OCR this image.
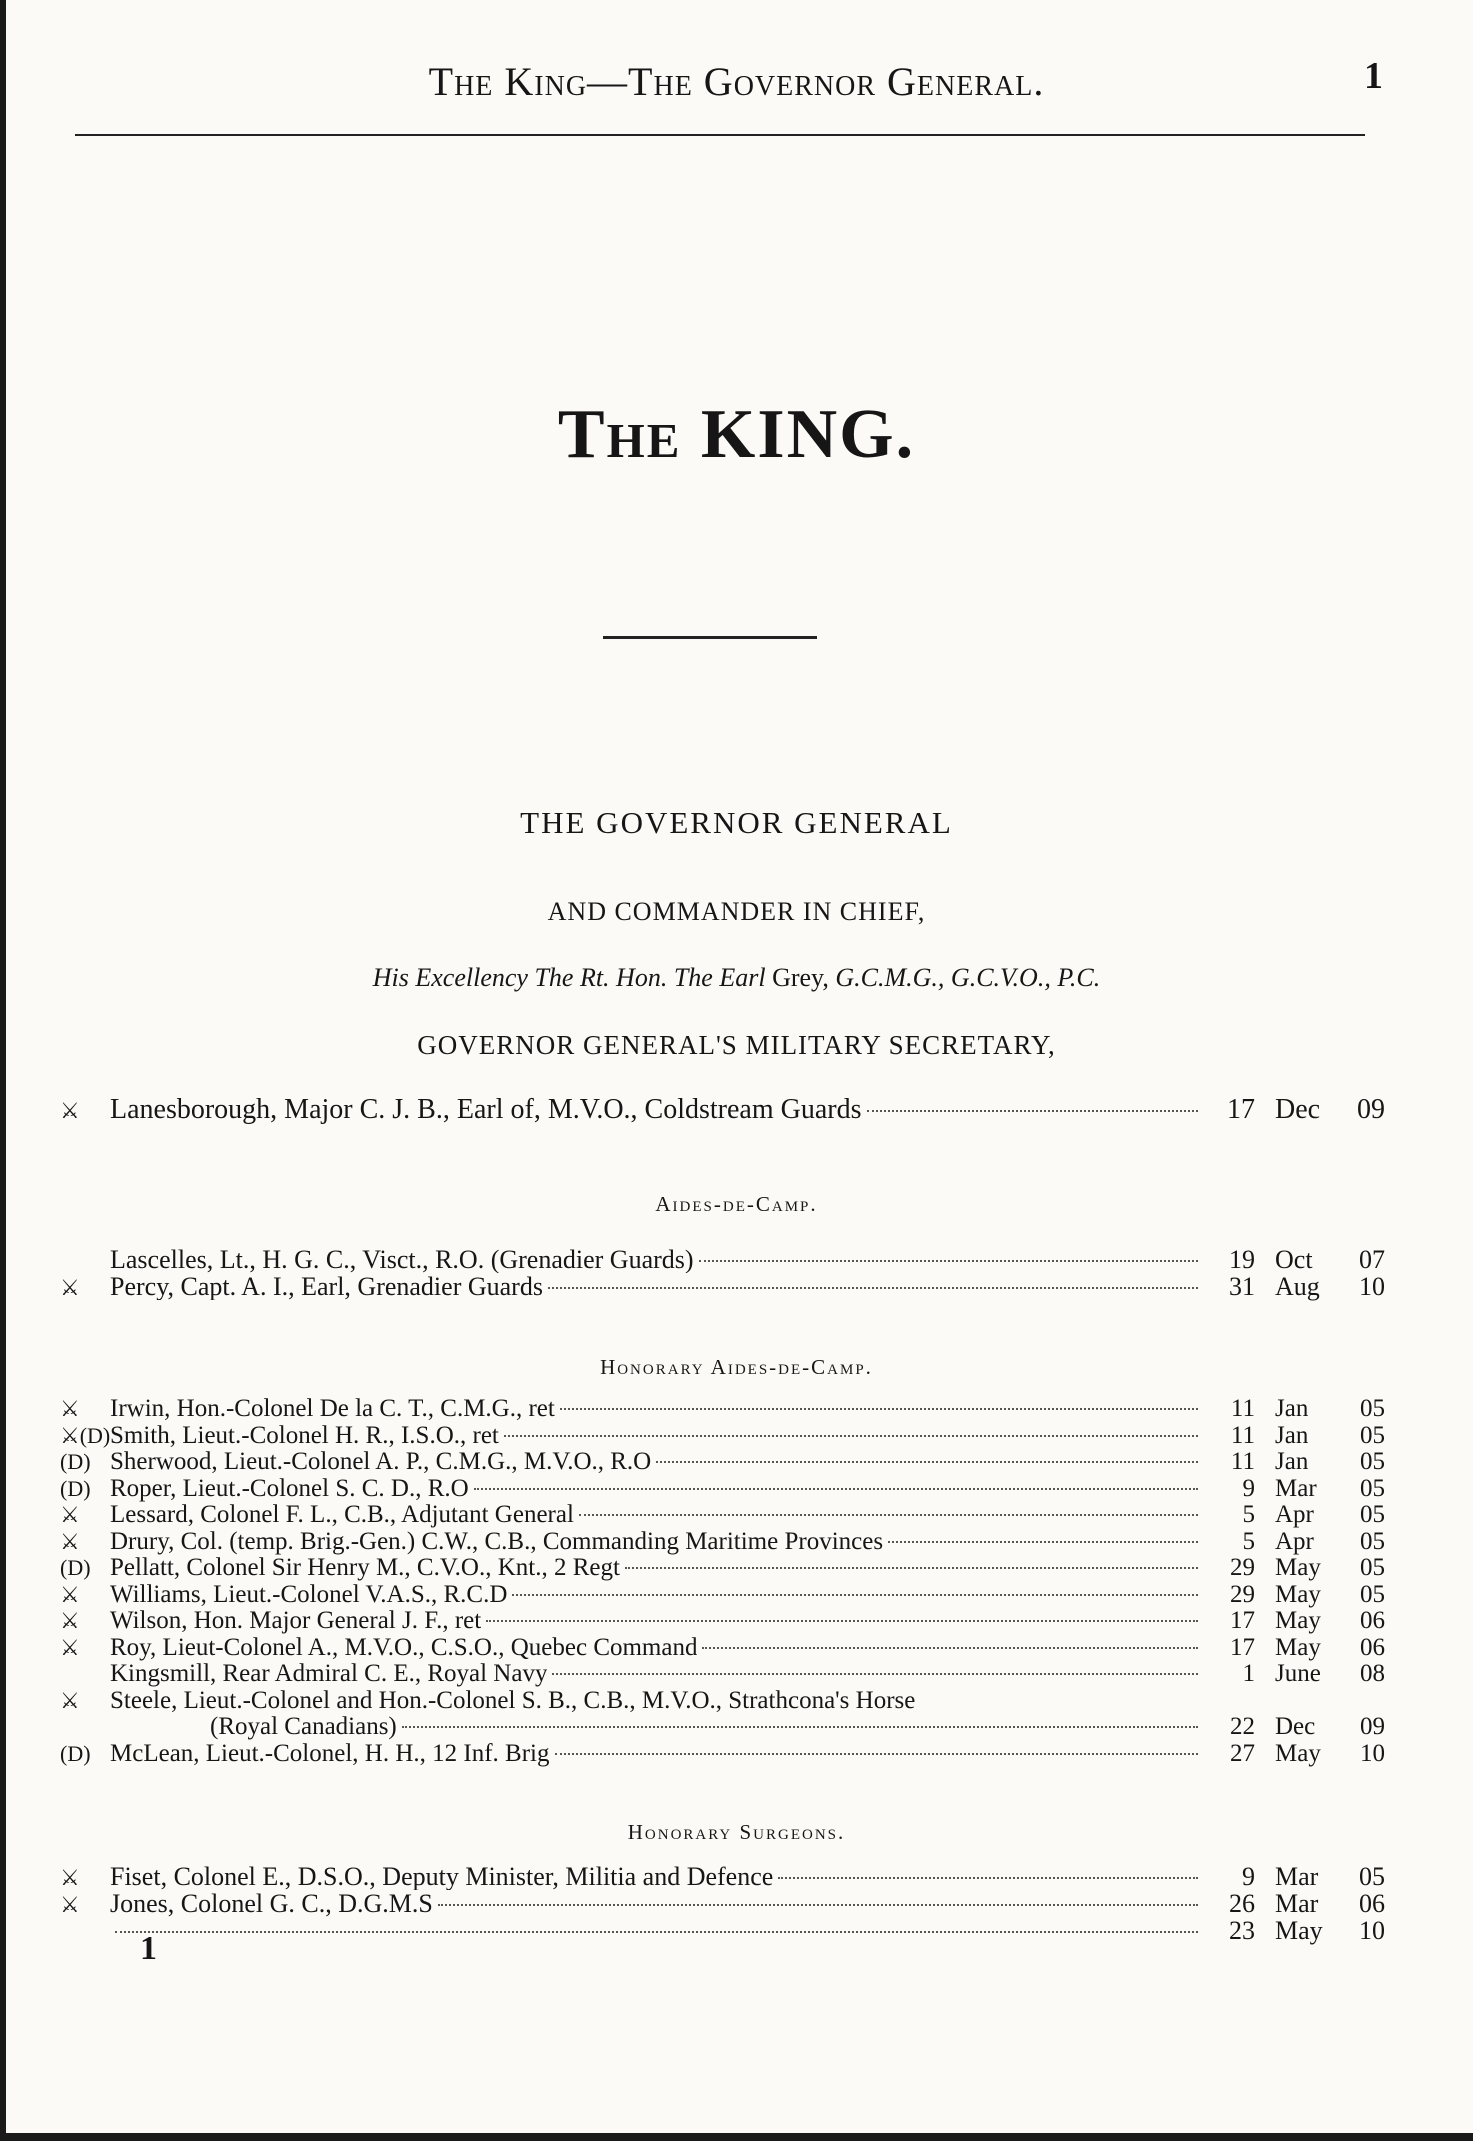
The King—The Governor General.	1
The KING.
THE GOVERNOR GENERAL
AND COMMANDER IN CHIEF,
His Excellency The Rt. Hon. The Earl Grey, G.C.M.G., G.C.V.O., P.C.
GOVERNOR GENERAL'S MILITARY SECRETARY,
⚔	Lanesborough, Major C. J. B., Earl of, M.V.O., Coldstream Guards	17 Dec	09
Aides-de-Camp.
Lascelles, Lt., H. G. C., Visct., R.O. (Grenadier Guards)	19 Oct	07
⚔	Percy, Capt. A. I., Earl, Grenadier Guards	31 Aug	10
Honorary Aides-de-Camp.
⚔	Irwin, Hon.-Colonel De la C. T., C.M.G., ret	11 Jan	05
⚔(D) Smith, Lieut.-Colonel H. R., I.S.O., ret	11 Jan	05
(D) Sherwood, Lieut.-Colonel A. P., C.M.G., M.V.O., R.O	11 Jan	05
(D) Roper, Lieut.-Colonel S. C. D., R.O	9 Mar	05
⚔	Lessard, Colonel F. L., C.B., Adjutant General	5 Apr	05
⚔	Drury, Col. (temp. Brig.-Gen.) C.W., C.B., Commanding Maritime Provinces	5 Apr	05
(D) Pellatt, Colonel Sir Henry M., C.V.O., Knt., 2 Regt	29 May	05
⚔	Williams, Lieut.-Colonel V.A.S., R.C.D	29 May	05
⚔	Wilson, Hon. Major General J. F., ret	17 May	06
⚔	Roy, Lieut-Colonel A., M.V.O., C.S.O., Quebec Command	17 May	06
Kingsmill, Rear Admiral C. E., Royal Navy	1 June	08
⚔	Steele, Lieut.-Colonel and Hon.-Colonel S. B., C.B., M.V.O., Strathcona's Horse
(Royal Canadians)	22 Dec	09
(D) McLean, Lieut.-Colonel, H. H., 12 Inf. Brig	27 May	10
Honorary Surgeons.
⚔	Fiset, Colonel E., D.S.O., Deputy Minister, Militia and Defence	9 Mar	05
⚔	Jones, Colonel G. C., D.G.M.S	26 Mar	06
23 May	10
1
